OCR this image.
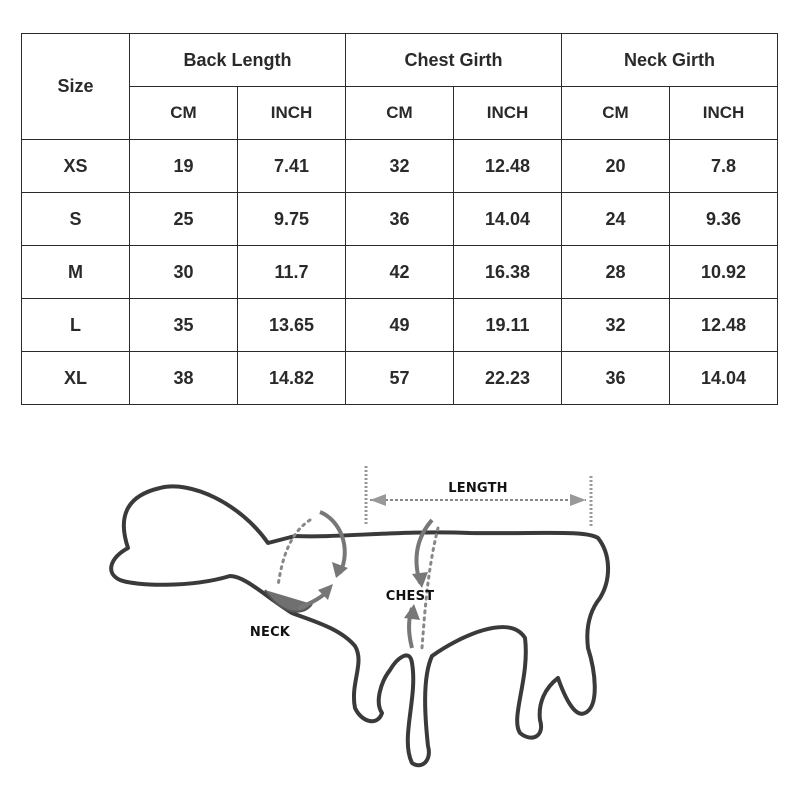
Size	Back Length		Chest Girth		Neck Girth	
	CM	INCH	CM	INCH	CM	INCH
XS	19	7.41	32	12.48	20	7.8
S	25	9.75	36	14.04	24	9.36
M	30	11.7	42	16.38	28	10.92
L	35	13.65	49	19.11	32	12.48
XL	38	14.82	57	22.23	36	14.04
LENGTH
NECK
CHEST
